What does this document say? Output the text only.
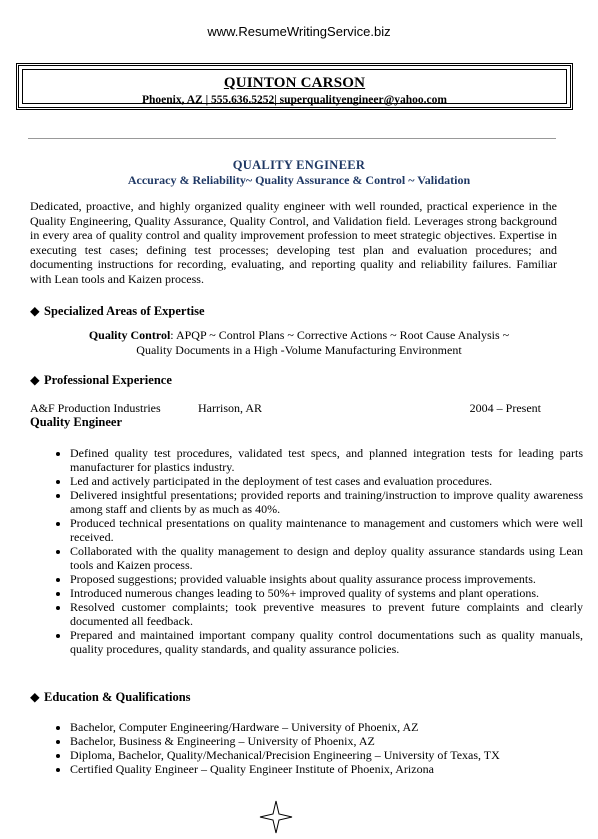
www.ResumeWritingService.biz
QUINTON CARSON
Phoenix, AZ | 555.636.5252| superqualityengineer@yahoo.com
QUALITY ENGINEER
Accuracy & Reliability~ Quality Assurance & Control ~ Validation

Dedicated, proactive, and highly organized quality engineer with well rounded, practical experience in the Quality Engineering, Quality Assurance, Quality Control, and Validation field. Leverages strong background in every area of quality control and quality improvement profession to meet strategic objectives. Expertise in executing test cases; defining test processes; developing test plan and evaluation procedures; and documenting instructions for recording, evaluating, and reporting quality and reliability failures. Familiar with Lean tools and Kaizen process.

◆ Specialized Areas of Expertise
Quality Control: APQP ~ Control Plans ~ Corrective Actions ~ Root Cause Analysis ~
Quality Documents in a High -Volume Manufacturing Environment
◆ Professional Experience
A&F Production Industries	Harrison, AR	2004 – Present
Quality Engineer
• Defined quality test procedures, validated test specs, and planned integration tests for leading parts manufacturer for plastics industry.
• Led and actively participated in the deployment of test cases and evaluation procedures.
• Delivered insightful presentations; provided reports and training/instruction to improve quality awareness among staff and clients by as much as 40%.
• Produced technical presentations on quality maintenance to management and customers which were well received.
• Collaborated with the quality management to design and deploy quality assurance standards using Lean tools and Kaizen process.
• Proposed suggestions; provided valuable insights about quality assurance process improvements.
• Introduced numerous changes leading to 50%+ improved quality of systems and plant operations.
• Resolved customer complaints; took preventive measures to prevent future complaints and clearly documented all feedback.
• Prepared and maintained important company quality control documentations such as quality manuals, quality procedures, quality standards, and quality assurance policies.
◆ Education & Qualifications
• Bachelor, Computer Engineering/Hardware – University of Phoenix, AZ
• Bachelor, Business & Engineering – University of Phoenix, AZ
• Diploma, Bachelor, Quality/Mechanical/Precision Engineering – University of Texas, TX
• Certified Quality Engineer – Quality Engineer Institute of Phoenix, Arizona
